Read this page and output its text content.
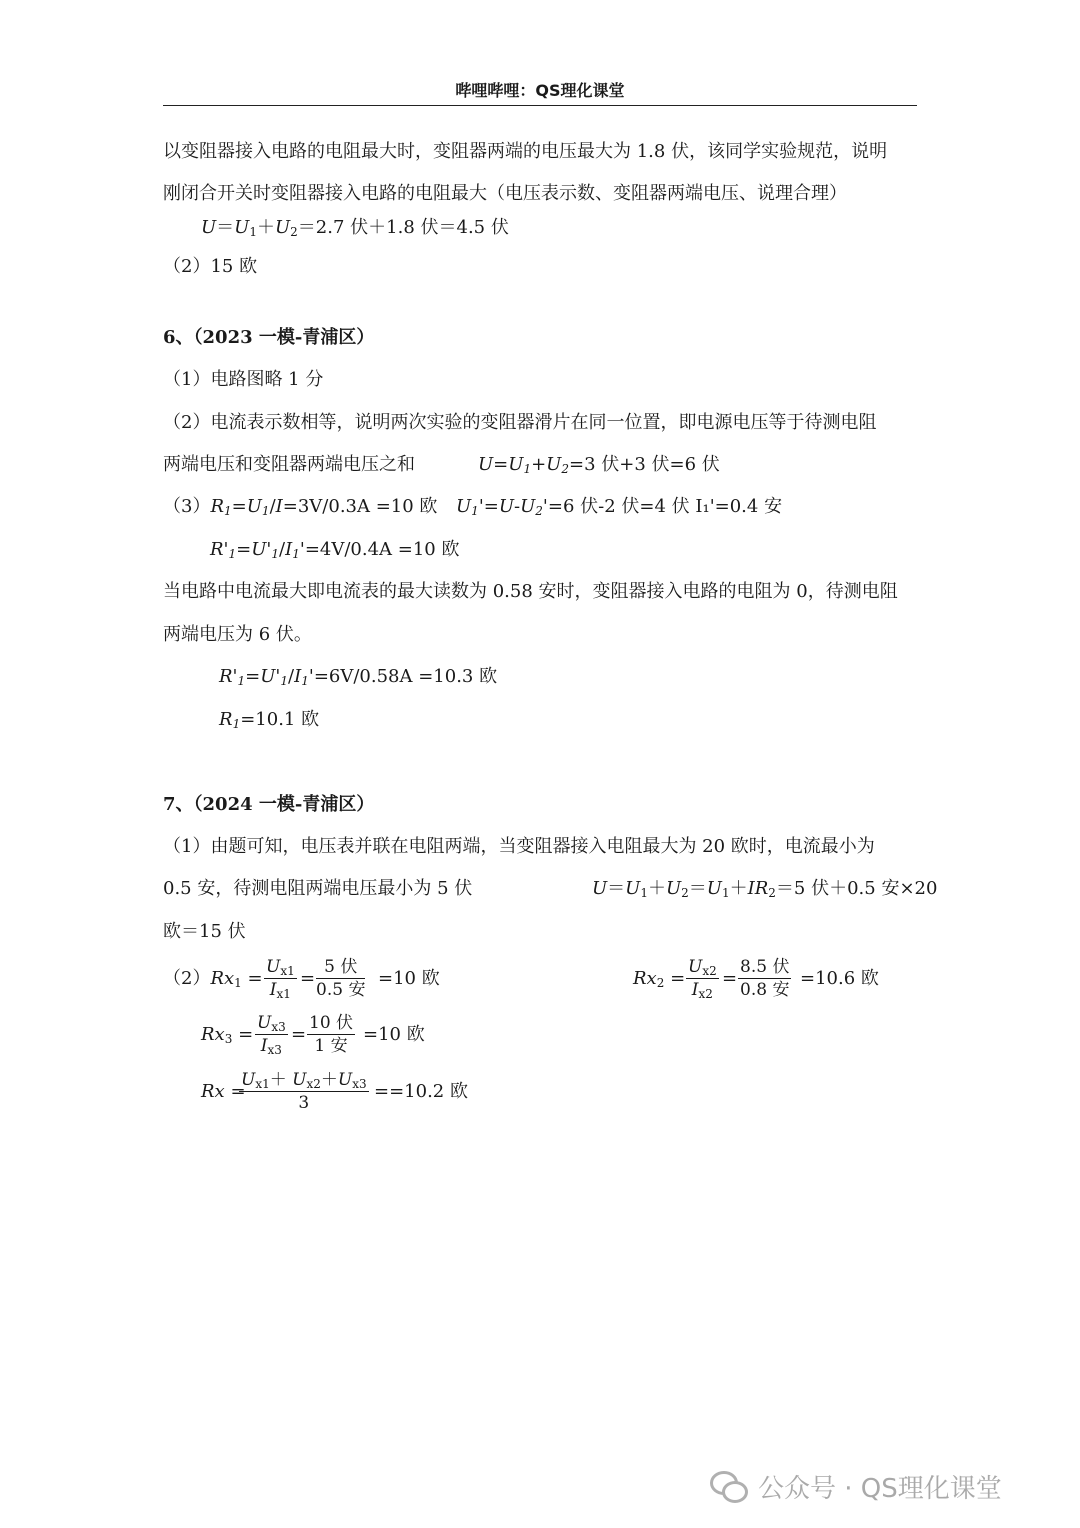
哔哩哔哩：QS理化课堂
以变阻器接入电路的电阻最大时，变阻器两端的电压最大为 1.8 伏，该同学实验规范，说明
刚闭合开关时变阻器接入电路的电阻最大（电压表示数、变阻器两端电压、说理合理）
$U=U_1+U_2=2.7$ 伏＋1.8 伏＝4.5 伏
（2）15 欧
6、（2023 一模-青浦区）
（1）电路图略 1 分
（2）电流表示数相等，说明两次实验的变阻器滑片在同一位置，即电源电压等于待测电阻
两端电压和变阻器两端电压之和	$U=U_1+U_2=3$ 伏+3 伏=6 伏
$(3)R_1=U_1/I=3V/0.3A =10$ 欧 $U_1'=U-U_2'=6$ 伏-2 伏=4 伏 I₁'=0.4 安
$R'_1=U'_1/I_1'=4V/0.4A =10$ 欧
当电路中电流最大即电流表的最大读数为 0.58 安时，变阻器接入电路的电阻为 0，待测电阻
两端电压为 6 伏。
$R'_1=U'_1/I_1'=6V/0.58A =10.3$ 欧
$R_1=10.1$ 欧
7、（2024 一模-青浦区）
（1）由题可知，电压表并联在电阻两端，当变阻器接入电阻最大为 20 欧时，电流最小为
0.5 安，待测电阻两端电压最小为 5 伏	$U=U_1+U_2=U_1+IR_2=5$ 伏＋0.5 安×20
欧＝15 伏
$(2)Rx_1 = \frac{U_{x1}}{I_{x1}}$ =
5 伏
0.5 安
=10 欧	$Rx_2 = \frac{U_{x2}}{I_{x2}}$ =
8.5 伏
0.8 安
=10.6 欧
$Rx_3 = \frac{U_{x3}}{I_{x3}}$ =
10 伏
1 安
=10 欧
Rx =
$\frac{U_{x1}+ U_{x2}+U_{x3}}{3} ==10.2$ 欧
公众号 · QS理化课堂
